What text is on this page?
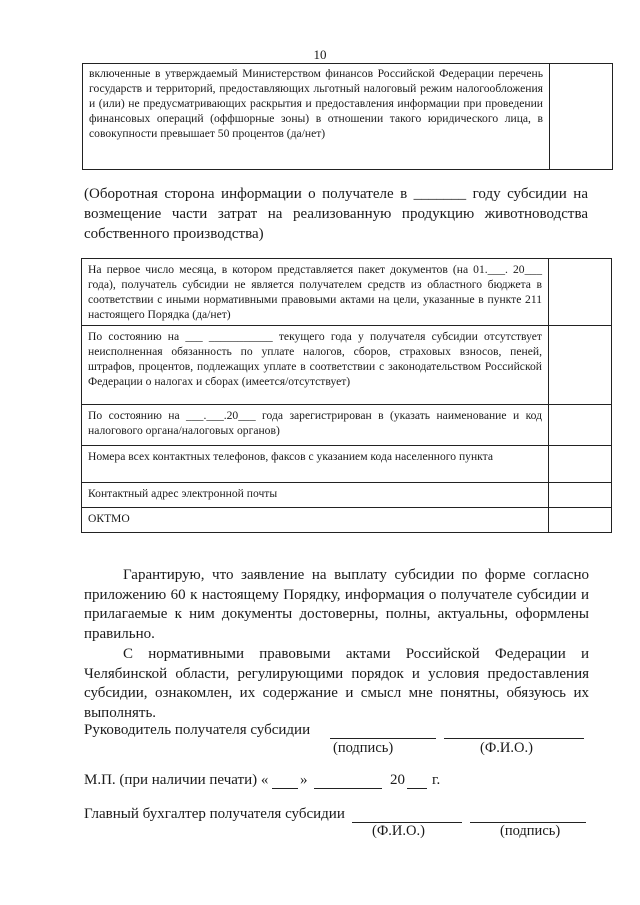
10
включенные в утверждаемый Министерством финансов Российской Федерации перечень государств и территорий, предоставляющих льготный налоговый режим налогообложения и (или) не предусматривающих раскрытия и предоставления информации при проведении финансовых операций (оффшорные зоны) в отношении такого юридического лица, в совокупности превышает 50 процентов (да/нет)	
(Оборотная сторона информации о получателе в _______ году субсидии на возмещение части затрат на реализованную продукцию животноводства собственного производства)
На первое число месяца, в котором представляется пакет документов (на 01.___. 20___ года), получатель субсидии не является получателем средств из областного бюджета в соответствии с иными нормативными правовыми актами на цели, указанные в пункте 211 настоящего Порядка (да/нет)	
По состоянию на ___ ___________ текущего года у получателя субсидии отсутствует неисполненная обязанность по уплате налогов, сборов, страховых взносов, пеней, штрафов, процентов, подлежащих уплате в соответствии с законодательством Российской Федерации о налогах и сборах (имеется/отсутствует)	
По состоянию на ___.___.20___ года зарегистрирован в (указать наименование и код налогового органа/налоговых органов)	
Номера всех контактных телефонов, факсов с указанием кода населенного пункта	
Контактный адрес электронной почты	
ОКТМО	

Гарантирую, что заявление на выплату субсидии по форме согласно приложению 60 к настоящему Порядку, информация о получателе субсидии и прилагаемые к ним документы достоверны, полны, актуальны, оформлены правильно.

С нормативными правовыми актами Российской Федерации и Челябинской области, регулирующими порядок и условия предоставления субсидии, ознакомлен, их содержание и смысл мне понятны, обязуюсь их выполнять.

Руководитель получателя субсидии
(подпись)	(Ф.И.О.)
М.П. (при наличии печати) « »	20 г.
Главный бухгалтер получателя субсидии
(Ф.И.О.)	(подпись)
